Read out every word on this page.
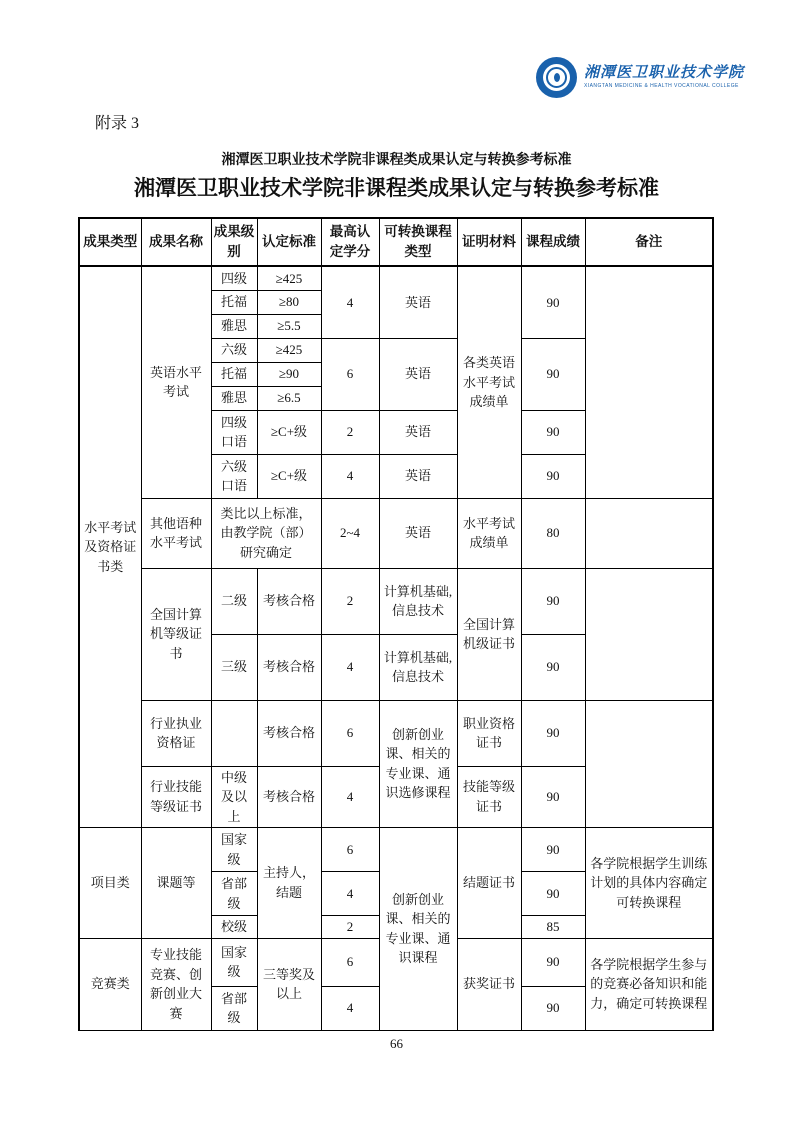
湘潭医卫职业技术学院
XIANGTAN MEDICINE & HEALTH VOCATIONAL COLLEGE
附录 3
湘潭医卫职业技术学院非课程类成果认定与转换参考标准
湘潭医卫职业技术学院非课程类成果认定与转换参考标准
成果类型	成果名称	成果级别	认定标准	最高认定学分	可转换课程类型	证明材料	课程成绩	备注
水平考试及资格证书类	英语水平考试	四级	≥425	4	英语	各类英语水平考试成绩单	90	
		托福	≥80					
		雅思	≥5.5					
		六级	≥425	6	英语		90	
		托福	≥90					
		雅思	≥6.5					
		四级口语	≥C+级	2	英语		90	
		六级口语	≥C+级	4	英语		90	
	其他语种水平考试	类比以上标准，由教学院（部）研究确定		2~4	英语	水平考试成绩单	80	
	全国计算机等级证书	二级	考核合格	2	计算机基础,信息技术	全国计算机级证书	90	
		三级	考核合格	4	计算机基础,信息技术		90	
	行业执业资格证		考核合格	6	创新创业课、相关的专业课、通识选修课程	职业资格证书	90	
	行业技能等级证书	中级及以上	考核合格	4		技能等级证书	90	
项目类	课题等	国家级	主持人，结题	6	创新创业课、相关的专业课、通识课程	结题证书	90	各学院根据学生训练计划的具体内容确定可转换课程
		省部级		4			90	
		校级		2			85	
竞赛类	专业技能竞赛、创新创业大赛	国家级	三等奖及以上	6		获奖证书	90	各学院根据学生参与的竞赛必备知识和能力，确定可转换课程
		省部级		4			90	
66
